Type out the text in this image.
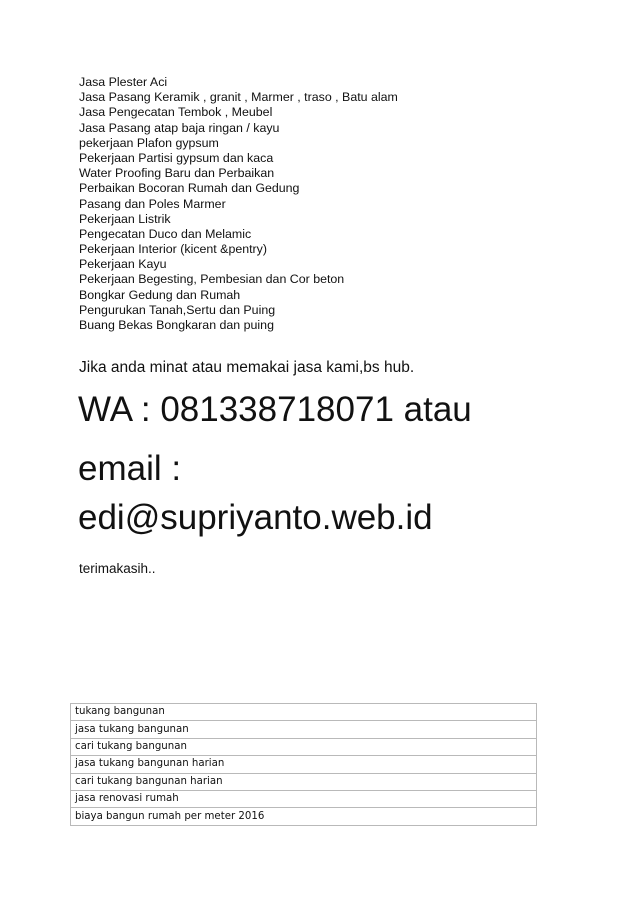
Jasa Plester Aci
Jasa Pasang Keramik , granit , Marmer , traso , Batu alam
Jasa Pengecatan Tembok , Meubel
Jasa Pasang atap baja ringan / kayu
pekerjaan Plafon gypsum
Pekerjaan Partisi gypsum dan kaca
Water Proofing Baru dan Perbaikan
Perbaikan Bocoran Rumah dan Gedung
Pasang dan Poles Marmer
Pekerjaan Listrik
Pengecatan Duco dan Melamic
Pekerjaan Interior (kicent &pentry)
Pekerjaan Kayu
Pekerjaan Begesting, Pembesian dan Cor beton
Bongkar Gedung dan Rumah
Pengurukan Tanah,Sertu dan Puing
Buang Bekas Bongkaran dan puing
Jika anda minat atau memakai jasa kami,bs hub.
WA : 081338718071 atau
email :
edi@supriyanto.web.id
terimakasih..
tukang bangunan
jasa tukang bangunan
cari tukang bangunan
jasa tukang bangunan harian
cari tukang bangunan harian
jasa renovasi rumah
biaya bangun rumah per meter 2016
